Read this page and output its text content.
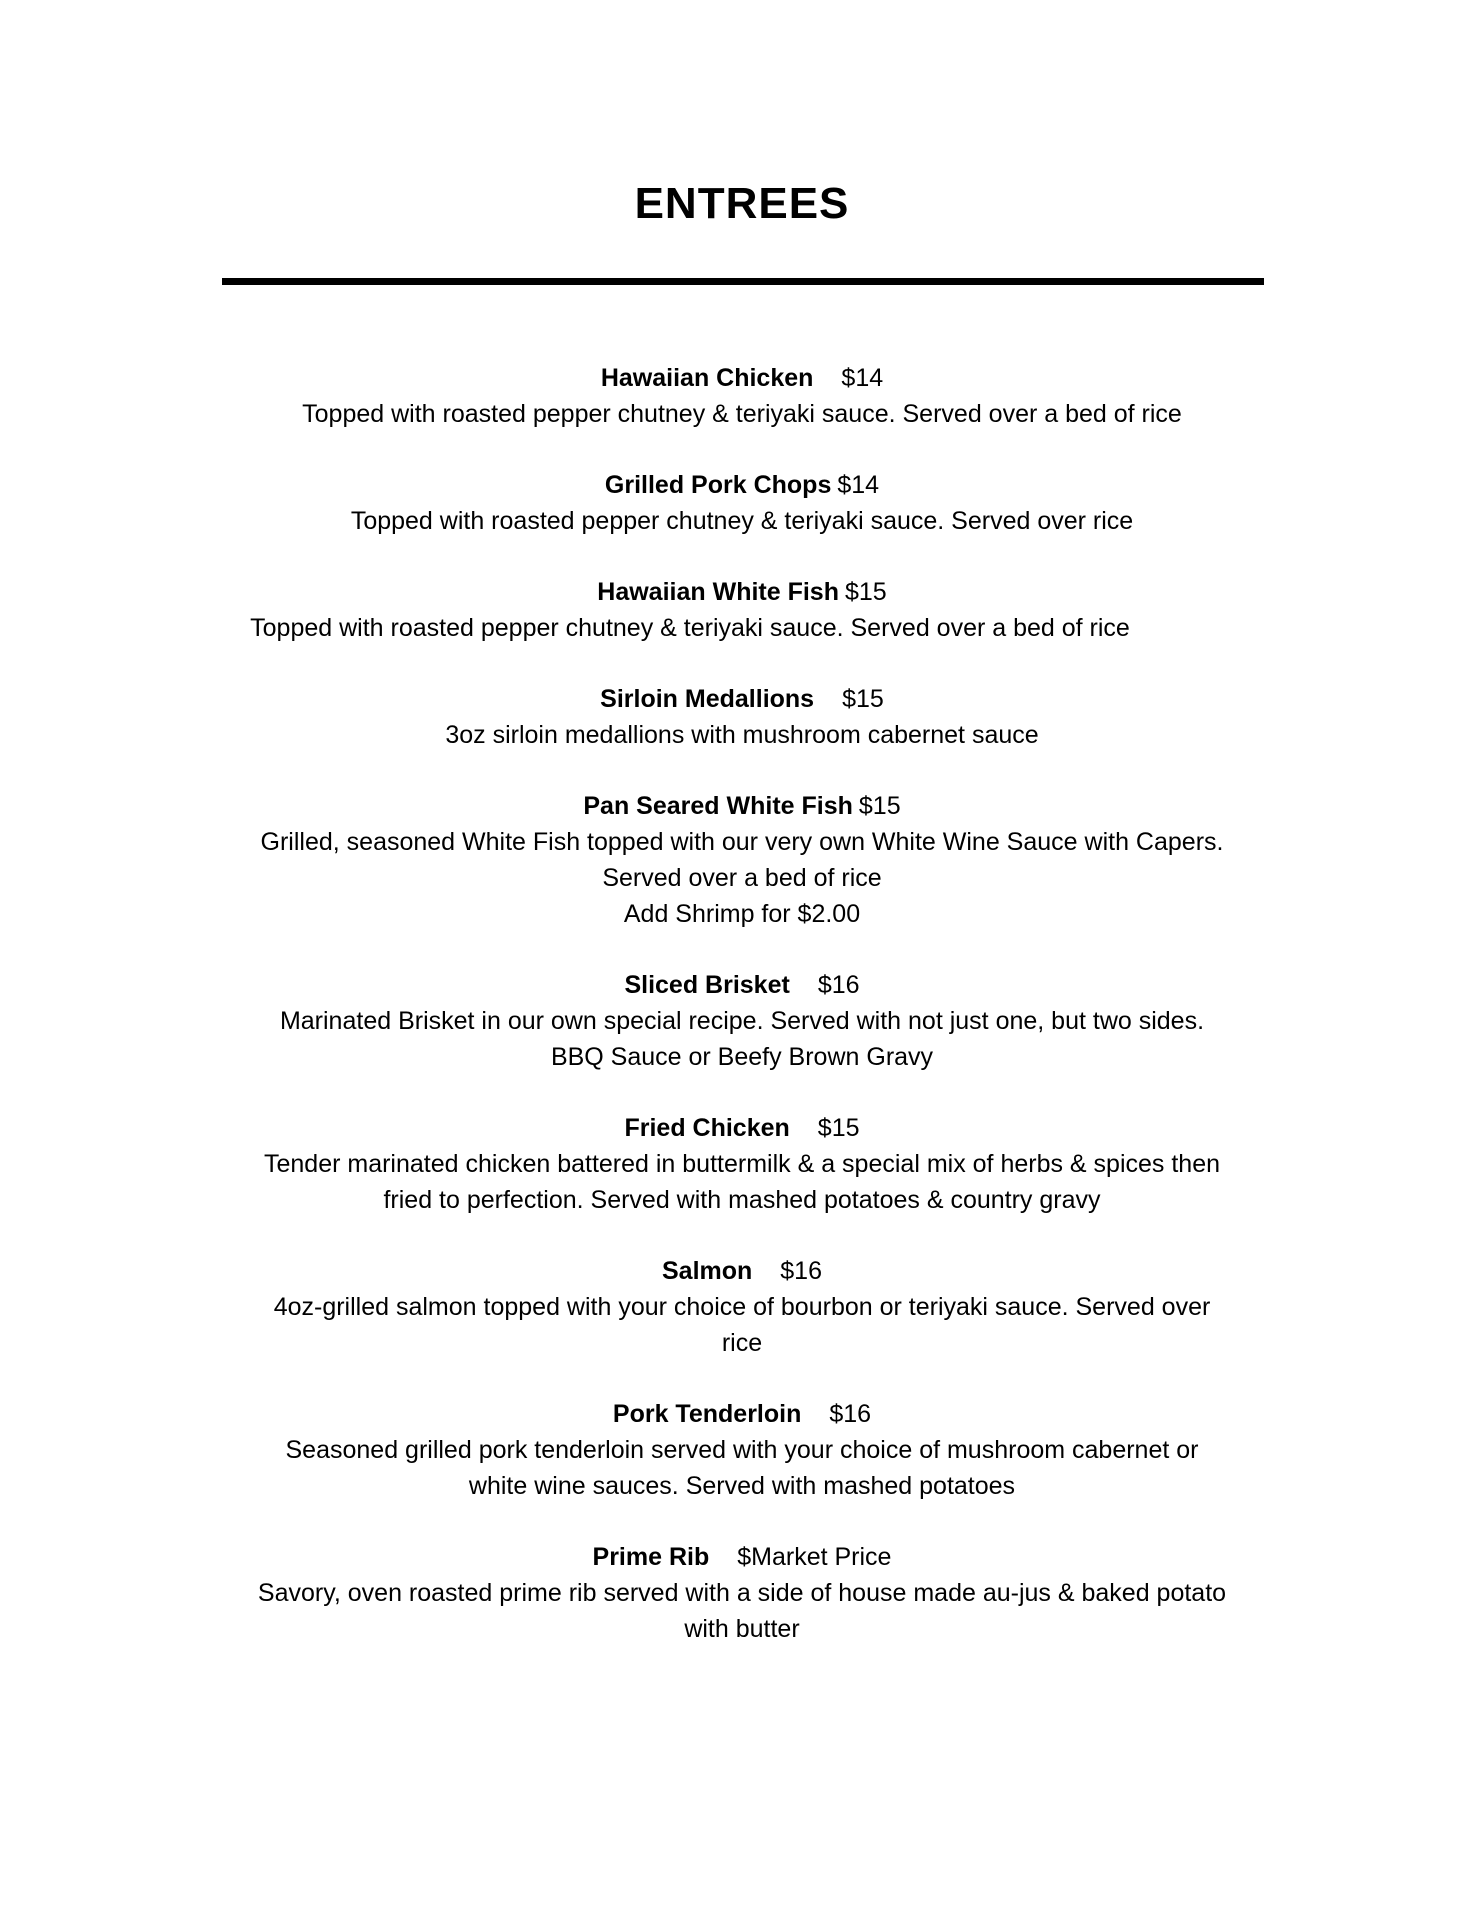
ENTREES
Hawaiian Chicken $14
Topped with roasted pepper chutney & teriyaki sauce. Served over a bed of rice
Grilled Pork Chops $14
Topped with roasted pepper chutney & teriyaki sauce. Served over rice
Hawaiian White Fish $15
Topped with roasted pepper chutney & teriyaki sauce. Served over a bed of rice
Sirloin Medallions $15
3oz sirloin medallions with mushroom cabernet sauce
Pan Seared White Fish $15
Grilled, seasoned White Fish topped with our very own White Wine Sauce with Capers.
Served over a bed of rice
Add Shrimp for $2.00
Sliced Brisket $16
Marinated Brisket in our own special recipe. Served with not just one, but two sides.
BBQ Sauce or Beefy Brown Gravy
Fried Chicken $15
Tender marinated chicken battered in buttermilk & a special mix of herbs & spices then
fried to perfection. Served with mashed potatoes & country gravy
Salmon $16
4oz-grilled salmon topped with your choice of bourbon or teriyaki sauce. Served over
rice
Pork Tenderloin $16
Seasoned grilled pork tenderloin served with your choice of mushroom cabernet or
white wine sauces. Served with mashed potatoes
Prime Rib $Market Price
Savory, oven roasted prime rib served with a side of house made au-jus & baked potato
with butter
